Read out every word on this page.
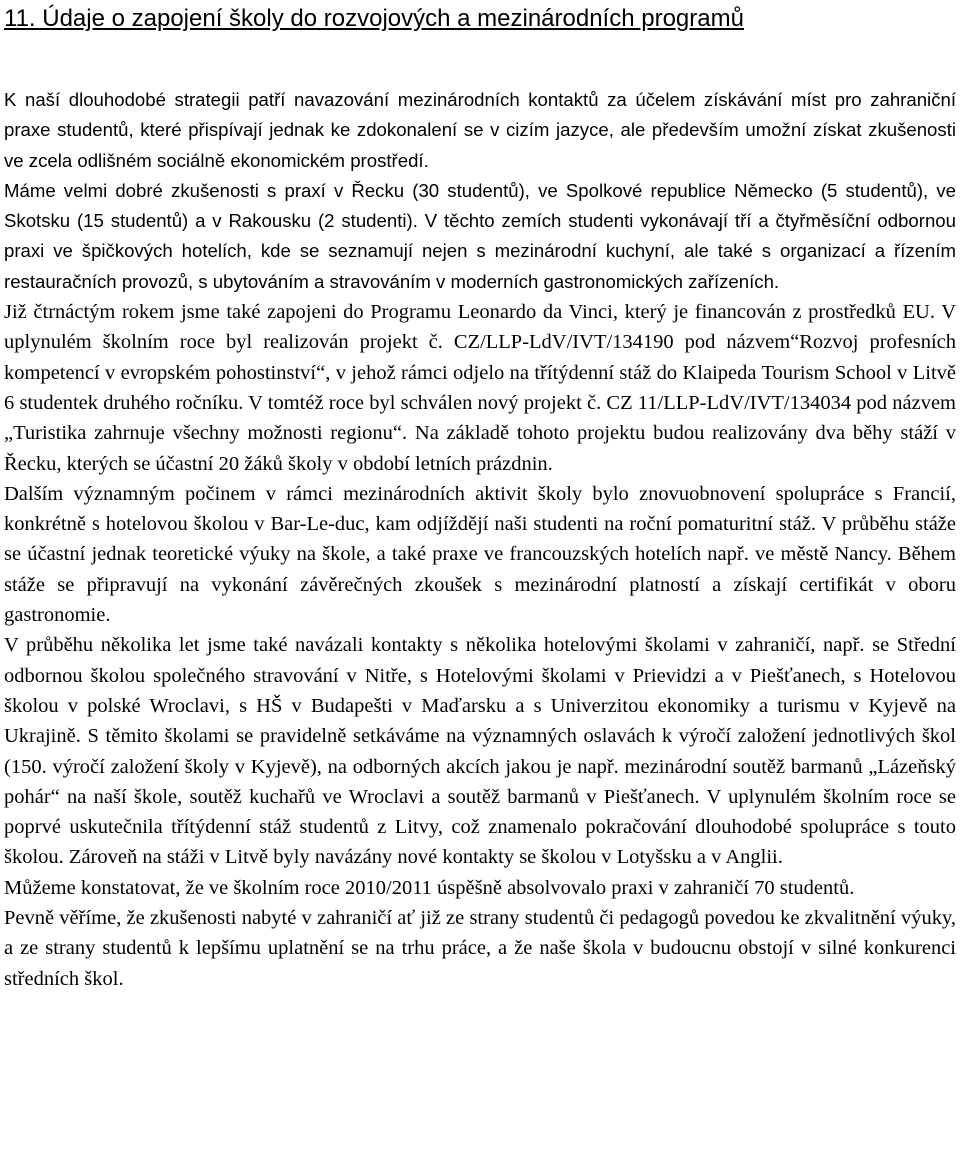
11. Údaje o zapojení školy do rozvojových a mezinárodních programů

K naší dlouhodobé strategii patří navazování mezinárodních kontaktů za účelem získávání míst pro zahraniční praxe studentů, které přispívají jednak ke zdokonalení se v cizím jazyce, ale především umožní získat zkušenosti ve zcela odlišném sociálně ekonomickém prostředí.

Máme velmi dobré zkušenosti s praxí v Řecku (30 studentů), ve Spolkové republice Německo (5 studentů), ve Skotsku (15 studentů) a v Rakousku (2 studenti). V těchto zemích studenti vykonávají tří a čtyřměsíční odbornou praxi ve špičkových hotelích, kde se seznamují nejen s mezinárodní kuchyní, ale také s organizací a řízením restauračních provozů, s ubytováním a stravováním v moderních gastronomických zařízeních.

Již čtrnáctým rokem jsme také zapojeni do Programu Leonardo da Vinci, který je financován z prostředků EU. V uplynulém školním roce byl realizován projekt č. CZ/LLP-LdV/IVT/134190 pod názvem“Rozvoj profesních kompetencí v evropském pohostinství“, v jehož rámci odjelo na třítýdenní stáž do Klaipeda Tourism School v Litvě 6 studentek druhého ročníku. V tomtéž roce byl schválen nový projekt č. CZ 11/LLP-LdV/IVT/134034 pod názvem „Turistika zahrnuje všechny možnosti regionu“. Na základě tohoto projektu budou realizovány dva běhy stáží v Řecku, kterých se účastní 20 žáků školy v období letních prázdnin.

Dalším významným počinem v rámci mezinárodních aktivit školy bylo znovuobnovení spolupráce s Francií, konkrétně s hotelovou školou v Bar-Le-duc, kam odjíždějí naši studenti na roční pomaturitní stáž. V průběhu stáže se účastní jednak teoretické výuky na škole, a také praxe ve francouzských hotelích např. ve městě Nancy. Během stáže se připravují na vykonání závěrečných zkoušek s mezinárodní platností a získají certifikát v oboru gastronomie.

V průběhu několika let jsme také navázali kontakty s několika hotelovými školami v zahraničí, např. se Střední odbornou školou společného stravování v Nitře, s Hotelovými školami v Prievidzi a v Piešťanech, s Hotelovou školou v polské Wroclavi, s HŠ v Budapešti v Maďarsku a s Univerzitou ekonomiky a turismu v Kyjevě na Ukrajině. S těmito školami se pravidelně setkáváme na významných oslavách k výročí založení jednotlivých škol (150. výročí založení školy v Kyjevě), na odborných akcích jakou je např. mezinárodní soutěž barmanů „Lázeňský pohár“ na naší škole, soutěž kuchařů ve Wroclavi a soutěž barmanů v Piešťanech. V uplynulém školním roce se poprvé uskutečnila třítýdenní stáž studentů z Litvy, což znamenalo pokračování dlouhodobé spolupráce s touto školou. Zároveň na stáži v Litvě byly navázány nové kontakty se školou v Lotyšsku a v Anglii.

Můžeme konstatovat, že ve školním roce 2010/2011 úspěšně absolvovalo praxi v zahraničí 70 studentů.

Pevně věříme, že zkušenosti nabyté v zahraničí ať již ze strany studentů či pedagogů povedou ke zkvalitnění výuky, a ze strany studentů k lepšímu uplatnění se na trhu práce, a že naše škola v budoucnu obstojí v silné konkurenci středních škol.
